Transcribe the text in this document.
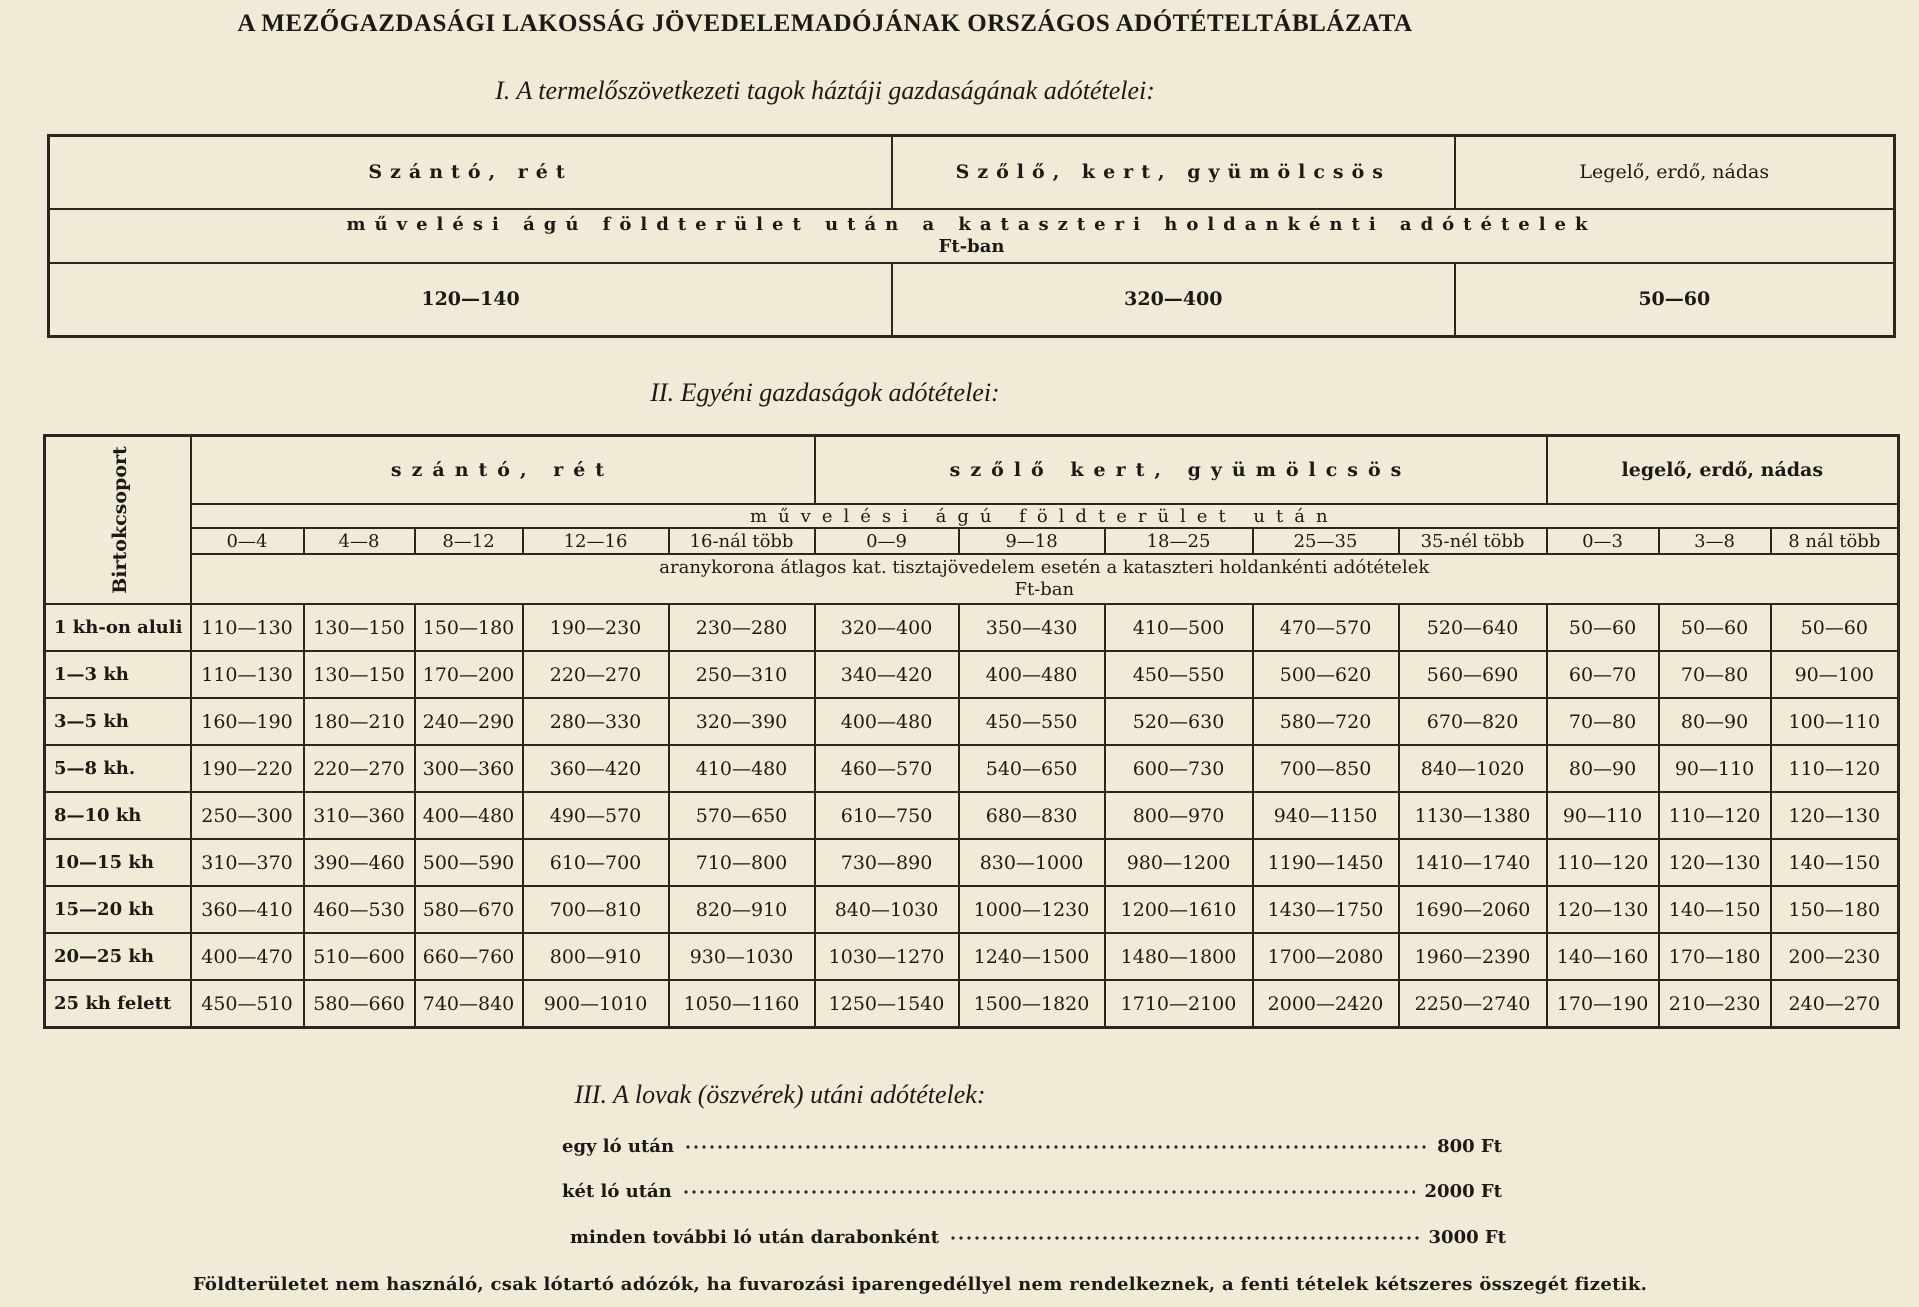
A MEZŐGAZDASÁGI LAKOSSÁG JÖVEDELEMADÓJÁNAK ORSZÁGOS ADÓTÉTELTÁBLÁZATA
I. A termelőszövetkezeti tagok háztáji gazdaságának adótételei:
Szántó, rét	Szőlő, kert, gyümölcsös	Legelő, erdő, nádas
művelési ágú földterület után a kataszteri holdankénti adótételek
Ft-ban		

120—140	320—400	50—60
II. Egyéni gazdaságok adótételei:
Birtokcsoport	szántó, rét					szőlő kert, gyümölcsös					legelő, erdő, nádas		
	művelési ágú földterület után												
	0—4	4—8	8—12	12—16	16-nál több	0—9	9—18	18—25	25—35	35-nél több	0—3	3—8	8 nál több
	aranykorona átlagos kat. tisztajövedelem esetén a kataszteri holdankénti adótételek
Ft-ban												

1 kh-on aluli	110—130	130—150	150—180	190—230	230—280	320—400	350—430	410—500	470—570	520—640	50—60	50—60	50—60
1—3 kh	110—130	130—150	170—200	220—270	250—310	340—420	400—480	450—550	500—620	560—690	60—70	70—80	90—100
3—5 kh	160—190	180—210	240—290	280—330	320—390	400—480	450—550	520—630	580—720	670—820	70—80	80—90	100—110
5—8 kh.	190—220	220—270	300—360	360—420	410—480	460—570	540—650	600—730	700—850	840—1020	80—90	90—110	110—120
8—10 kh	250—300	310—360	400—480	490—570	570—650	610—750	680—830	800—970	940—1150	1130—1380	90—110	110—120	120—130
10—15 kh	310—370	390—460	500—590	610—700	710—800	730—890	830—1000	980—1200	1190—1450	1410—1740	110—120	120—130	140—150
15—20 kh	360—410	460—530	580—670	700—810	820—910	840—1030	1000—1230	1200—1610	1430—1750	1690—2060	120—130	140—150	150—180
20—25 kh	400—470	510—600	660—760	800—910	930—1030	1030—1270	1240—1500	1480—1800	1700—2080	1960—2390	140—160	170—180	200—230
25 kh felett	450—510	580—660	740—840	900—1010	1050—1160	1250—1540	1500—1820	1710—2100	2000—2420	2250—2740	170—190	210—230	240—270
III. A lovak (öszvérek) utáni adótételek:
egy ló után	800 Ft
két ló után	2000 Ft
minden további ló után darabonként	3000 Ft
Földterületet nem használó, csak lótartó adózók, ha fuvarozási iparengedéllyel nem rendelkeznek, a fenti tételek kétszeres összegét fizetik.
